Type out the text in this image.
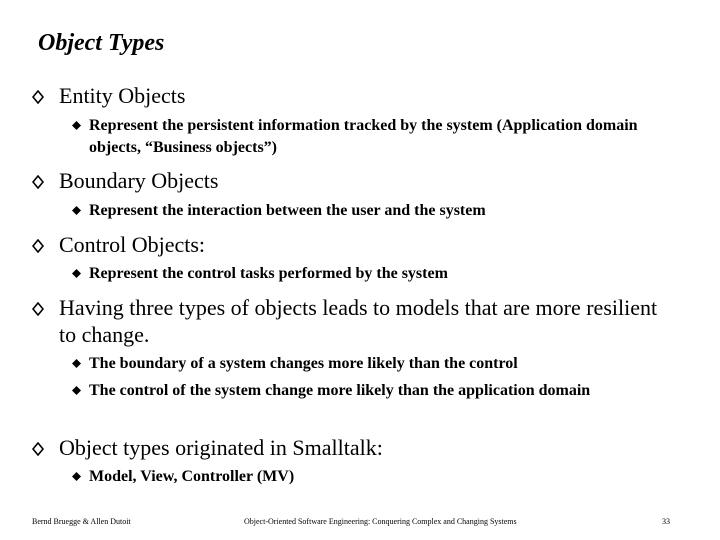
Object Types
Entity Objects
Represent the persistent information tracked by the system (Application domain objects, “Business objects”)
Boundary Objects
Represent the interaction between the user and the system
Control Objects:
Represent the control tasks performed by the system
Having three types of objects leads to models that are more resilient to change.
The boundary of a system changes more likely than the control
The control of the system change more likely than the application domain
Object types originated in Smalltalk:
Model, View, Controller (MV)
Bernd Bruegge & Allen Dutoit	Object-Oriented Software Engineering: Conquering Complex and Changing Systems	33
